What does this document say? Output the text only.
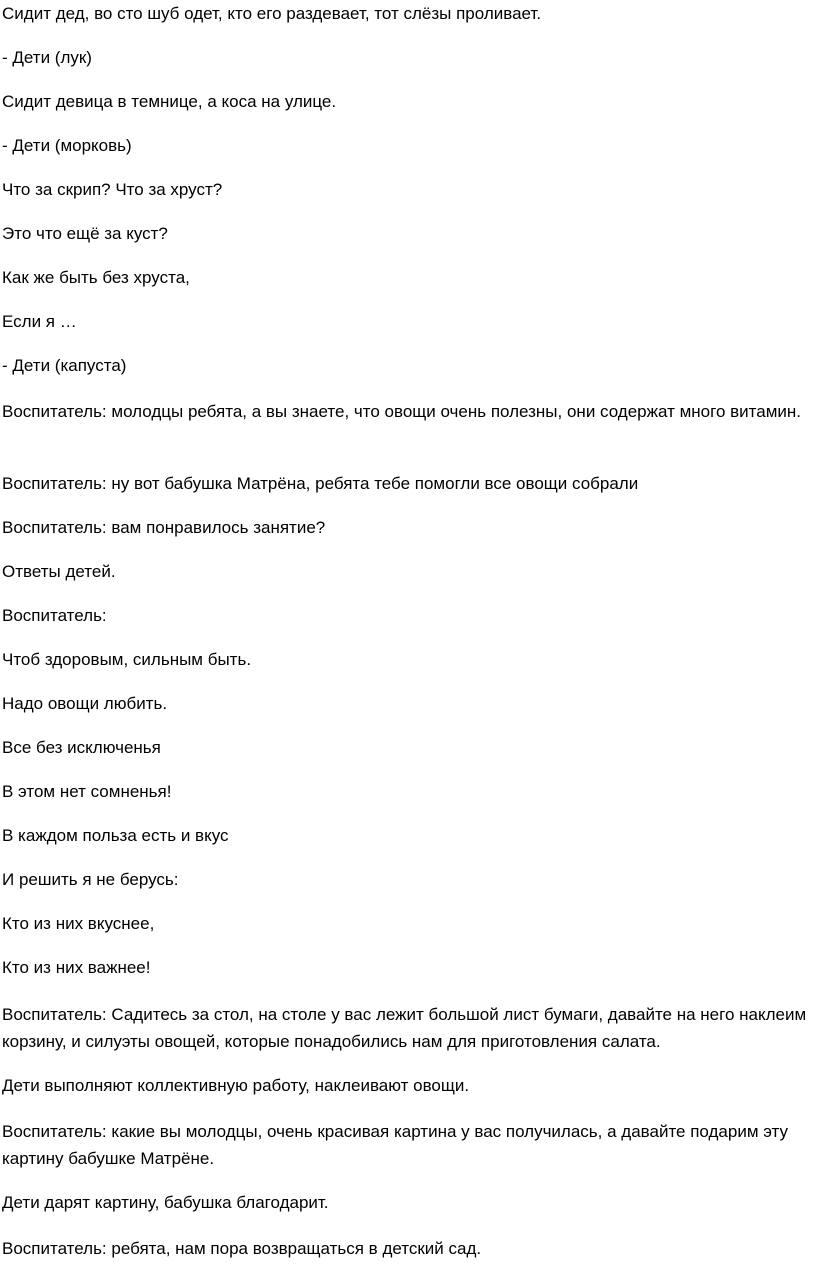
Сидит дед, во сто шуб одет, кто его раздевает, тот слёзы проливает.
- Дети (лук)
Сидит девица в темнице, а коса на улице.
- Дети (морковь)
Что за скрип? Что за хруст?
Это что ещё за куст?
Как же быть без хруста,
Если я …
- Дети (капуста)
Воспитатель: молодцы ребята, а вы знаете, что овощи очень полезны, они содержат много витамин.
Воспитатель: ну вот бабушка Матрёна, ребята тебе помогли все овощи собрали
Воспитатель: вам понравилось занятие?
Ответы детей.
Воспитатель:
Чтоб здоровым, сильным быть.
Надо овощи любить.
Все без исключенья
В этом нет сомненья!
В каждом польза есть и вкус
И решить я не берусь:
Кто из них вкуснее,
Кто из них важнее!
Воспитатель: Садитесь за стол, на столе у вас лежит большой лист бумаги, давайте на него наклеим корзину, и силуэты овощей, которые понадобились нам для приготовления салата.
Дети выполняют коллективную работу, наклеивают овощи.
Воспитатель: какие вы молодцы, очень красивая картина у вас получилась, а давайте подарим эту картину бабушке Матрёне.
Дети дарят картину, бабушка благодарит.
Воспитатель: ребята, нам пора возвращаться в детский сад.
